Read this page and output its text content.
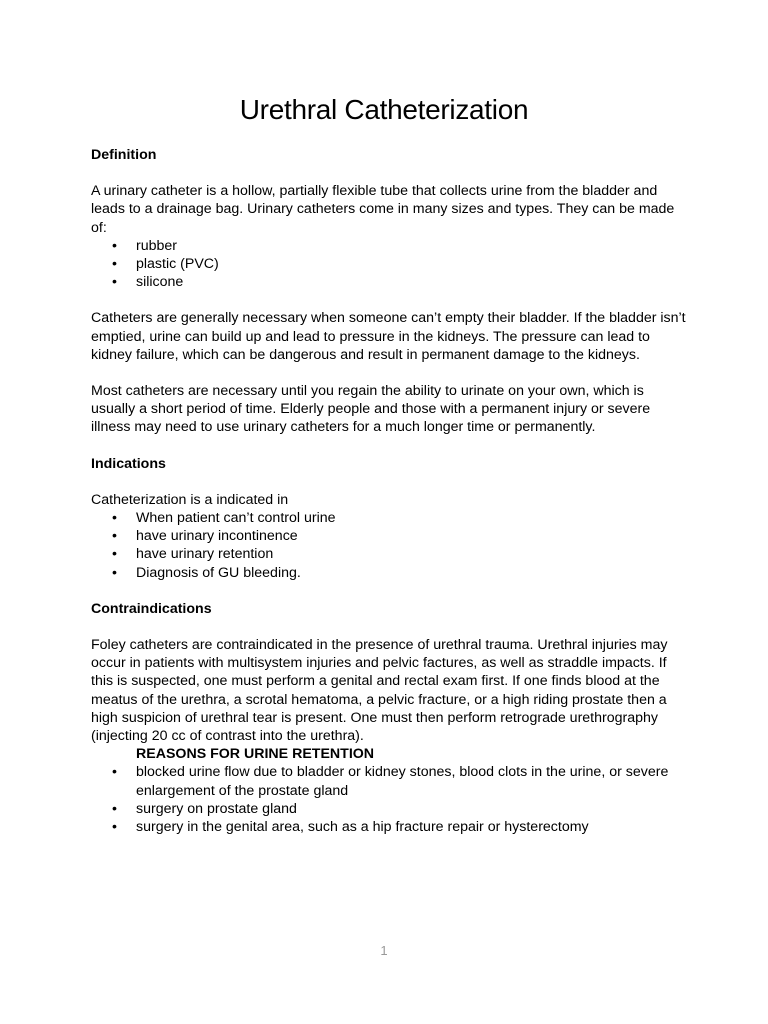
Urethral Catheterization

Definition

A urinary catheter is a hollow, partially flexible tube that collects urine from the bladder and leads to a drainage bag. Urinary catheters come in many sizes and types. They can be made of:

• rubber
• plastic (PVC)
• silicone

Catheters are generally necessary when someone can’t empty their bladder. If the bladder isn’t emptied, urine can build up and lead to pressure in the kidneys. The pressure can lead to kidney failure, which can be dangerous and result in permanent damage to the kidneys.

Most catheters are necessary until you regain the ability to urinate on your own, which is usually a short period of time. Elderly people and those with a permanent injury or severe illness may need to use urinary catheters for a much longer time or permanently.

Indications

Catheterization is a indicated in

• When patient can’t control urine
• have urinary incontinence
• have urinary retention
• Diagnosis of GU bleeding.

Contraindications

Foley catheters are contraindicated in the presence of urethral trauma. Urethral injuries may occur in patients with multisystem injuries and pelvic factures, as well as straddle impacts. If this is suspected, one must perform a genital and rectal exam first. If one finds blood at the meatus of the urethra, a scrotal hematoma, a pelvic fracture, or a high riding prostate then a high suspicion of urethral tear is present. One must then perform retrograde urethrography (injecting 20 cc of contrast into the urethra).

REASONS FOR URINE RETENTION

• blocked urine flow due to bladder or kidney stones, blood clots in the urine, or severe enlargement of the prostate gland
• surgery on prostate gland
• surgery in the genital area, such as a hip fracture repair or hysterectomy
1
